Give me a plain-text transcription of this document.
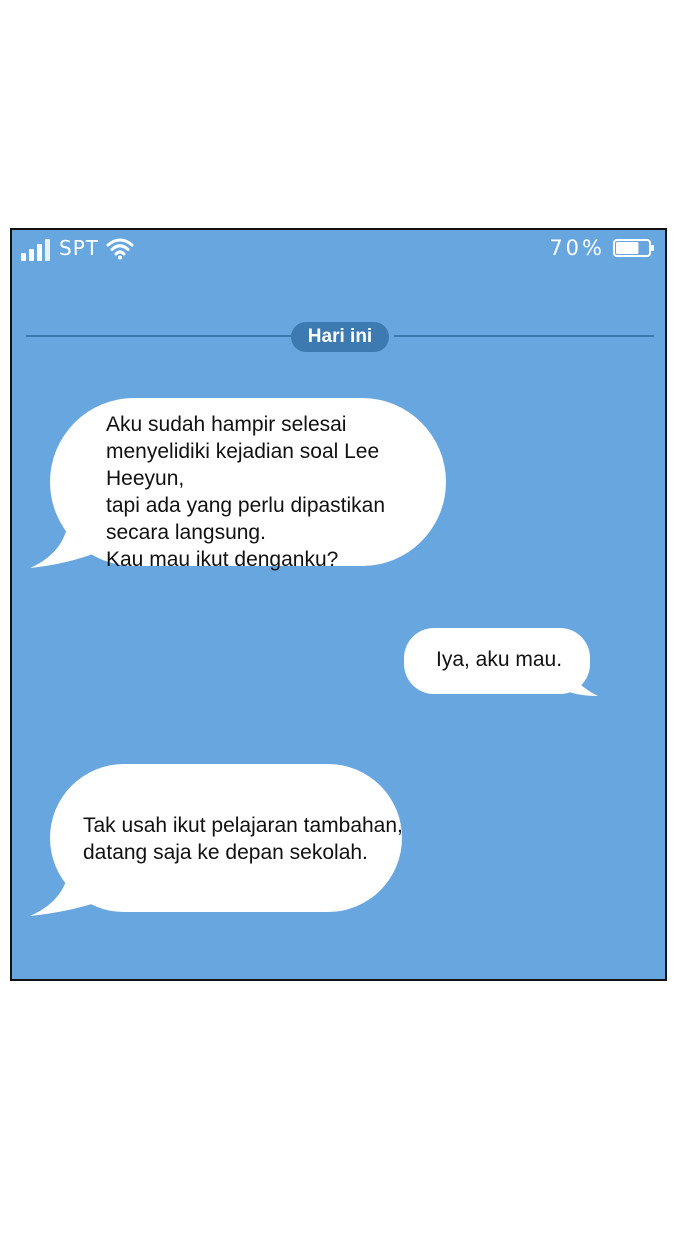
SPT	70%
Hari ini
Aku sudah hampir selesai
menyelidiki kejadian soal Lee Heeyun,
tapi ada yang perlu dipastikan
secara langsung.
Kau mau ikut denganku?
Iya, aku mau.
Tak usah ikut pelajaran tambahan,
datang saja ke depan sekolah.
